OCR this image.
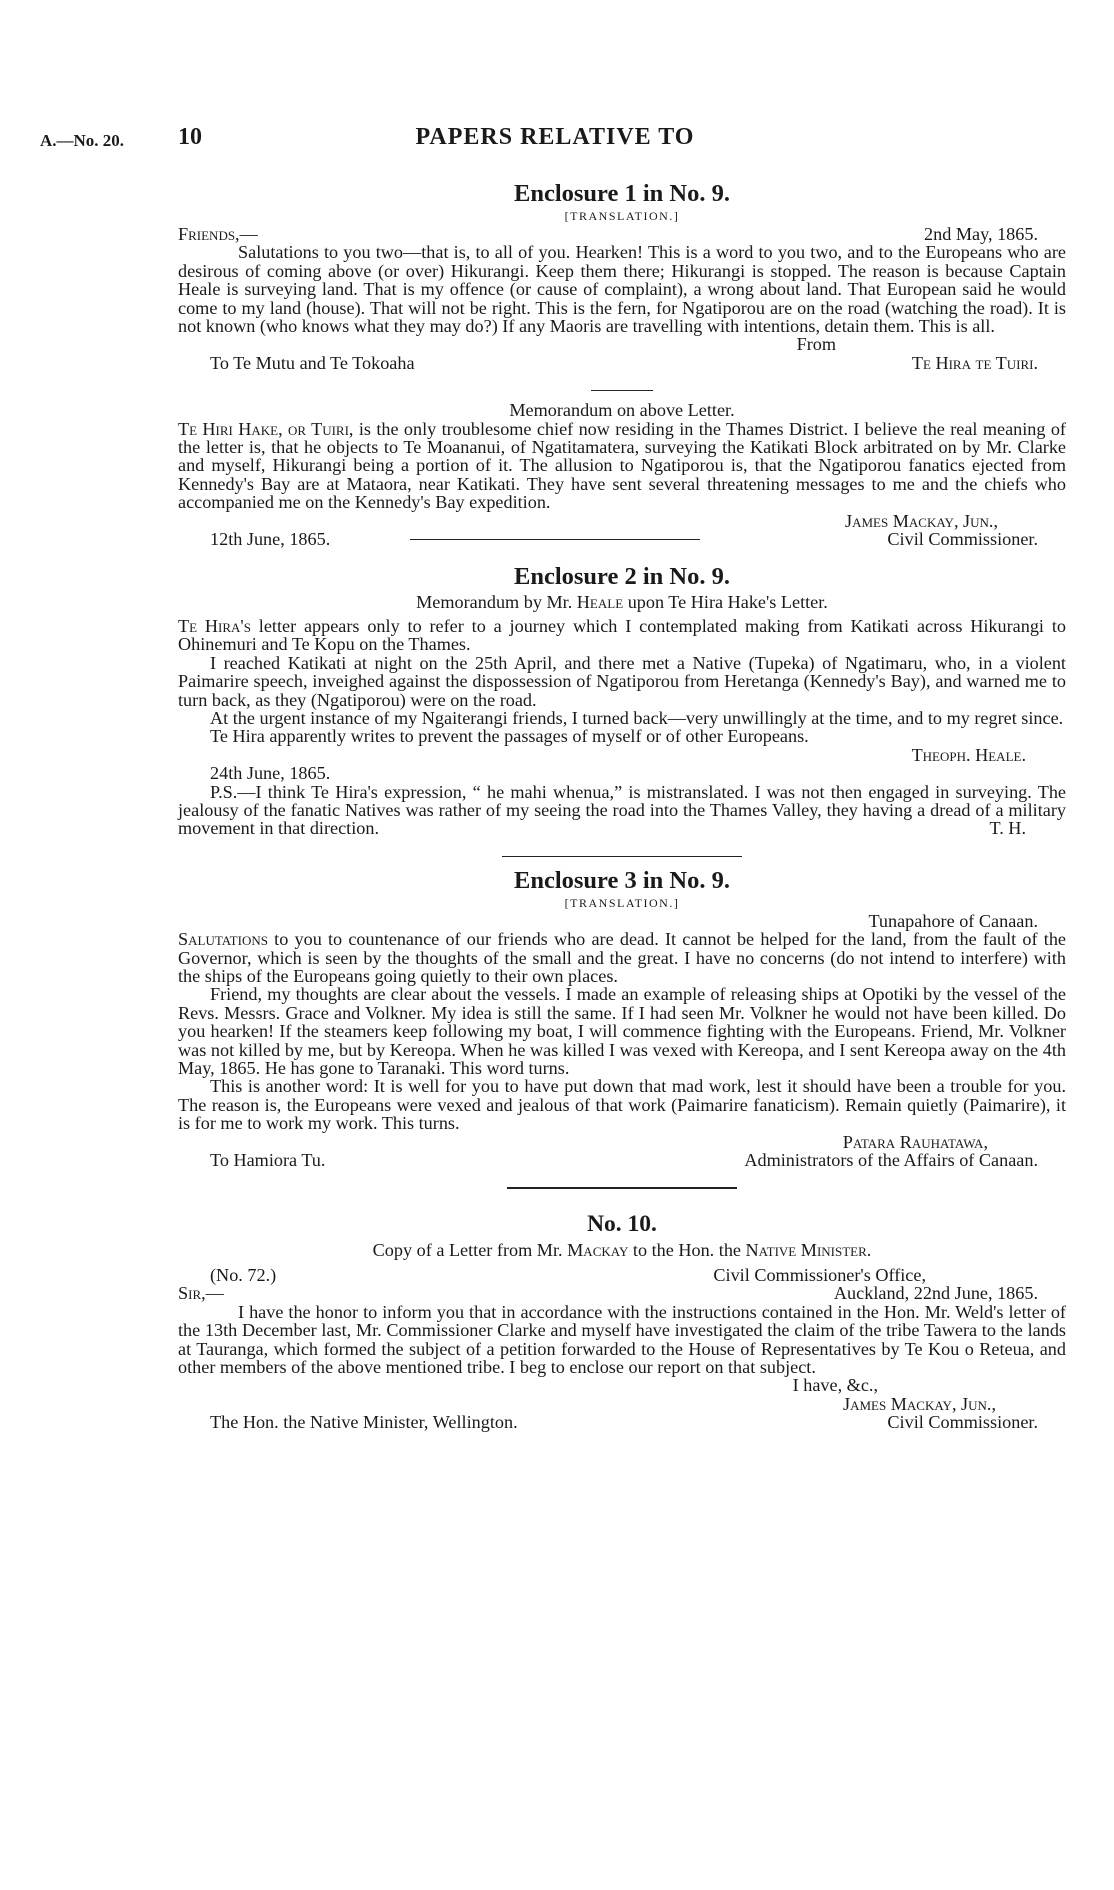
A.—No. 20. 10	PAPERS RELATIVE TO
Enclosure 1 in No. 9.
[TRANSLATION.]
Friends,—	2nd May, 1865.

Salutations to you two—that is, to all of you. Hearken! This is a word to you two, and to the Europeans who are desirous of coming above (or over) Hikurangi. Keep them there; Hikurangi is stopped. The reason is because Captain Heale is surveying land. That is my offence (or cause of complaint), a wrong about land. That European said he would come to my land (house). That will not be right. This is the fern, for Ngatiporou are on the road (watching the road). It is not known (who knows what they may do?) If any Maoris are travelling with intentions, detain them. This is all.

From
To Te Mutu and Te Tokoaha	Te Hira te Tuiri.
Memorandum on above Letter.

Te Hiri Hake, or Tuiri, is the only troublesome chief now residing in the Thames District. I believe the real meaning of the letter is, that he objects to Te Moananui, of Ngatitamatera, surveying the Katikati Block arbitrated on by Mr. Clarke and myself, Hikurangi being a portion of it. The allusion to Ngatiporou is, that the Ngatiporou fanatics ejected from Kennedy's Bay are at Mataora, near Katikati. They have sent several threatening messages to me and the chiefs who accompanied me on the Kennedy's Bay expedition.

James Mackay, Jun.,
12th June, 1865.	Civil Commissioner.
Enclosure 2 in No. 9.
Memorandum by Mr. Heale upon Te Hira Hake's Letter.

Te Hira's letter appears only to refer to a journey which I contemplated making from Katikati across Hikurangi to Ohinemuri and Te Kopu on the Thames.

I reached Katikati at night on the 25th April, and there met a Native (Tupeka) of Ngatimaru, who, in a violent Paimarire speech, inveighed against the dispossession of Ngatiporou from Heretanga (Kennedy's Bay), and warned me to turn back, as they (Ngatiporou) were on the road.

At the urgent instance of my Ngaiterangi friends, I turned back—very unwillingly at the time, and to my regret since.

Te Hira apparently writes to prevent the passages of myself or of other Europeans.

Theoph. Heale.
24th June, 1865.

P.S.—I think Te Hira's expression, “ he mahi whenua,” is mistranslated. I was not then engaged in surveying. The jealousy of the fanatic Natives was rather of my seeing the road into the Thames Valley, they having a dread of a military movement in that direction.	T. H.
Enclosure 3 in No. 9.
[TRANSLATION.]
Tunapahore of Canaan.

Salutations to you to countenance of our friends who are dead. It cannot be helped for the land, from the fault of the Governor, which is seen by the thoughts of the small and the great. I have no concerns (do not intend to interfere) with the ships of the Europeans going quietly to their own places.

Friend, my thoughts are clear about the vessels. I made an example of releasing ships at Opotiki by the vessel of the Revs. Messrs. Grace and Volkner. My idea is still the same. If I had seen Mr. Volkner he would not have been killed. Do you hearken! If the steamers keep following my boat, I will commence fighting with the Europeans. Friend, Mr. Volkner was not killed by me, but by Kereopa. When he was killed I was vexed with Kereopa, and I sent Kereopa away on the 4th May, 1865. He has gone to Taranaki. This word turns.

This is another word: It is well for you to have put down that mad work, lest it should have been a trouble for you. The reason is, the Europeans were vexed and jealous of that work (Paimarire fanaticism). Remain quietly (Paimarire), it is for me to work my work. This turns.

Patara Rauhatawa,
To Hamiora Tu.	Administrators of the Affairs of Canaan.
No. 10.
Copy of a Letter from Mr. Mackay to the Hon. the Native Minister.
(No. 72.)	Civil Commissioner's Office,
Sir,—	Auckland, 22nd June, 1865.

I have the honor to inform you that in accordance with the instructions contained in the Hon. Mr. Weld's letter of the 13th December last, Mr. Commissioner Clarke and myself have investigated the claim of the tribe Tawera to the lands at Tauranga, which formed the subject of a petition forwarded to the House of Representatives by Te Kou o Reteua, and other members of the above mentioned tribe. I beg to enclose our report on that subject.

I have, &c.,
James Mackay, Jun.,
The Hon. the Native Minister, Wellington.	Civil Commissioner.
